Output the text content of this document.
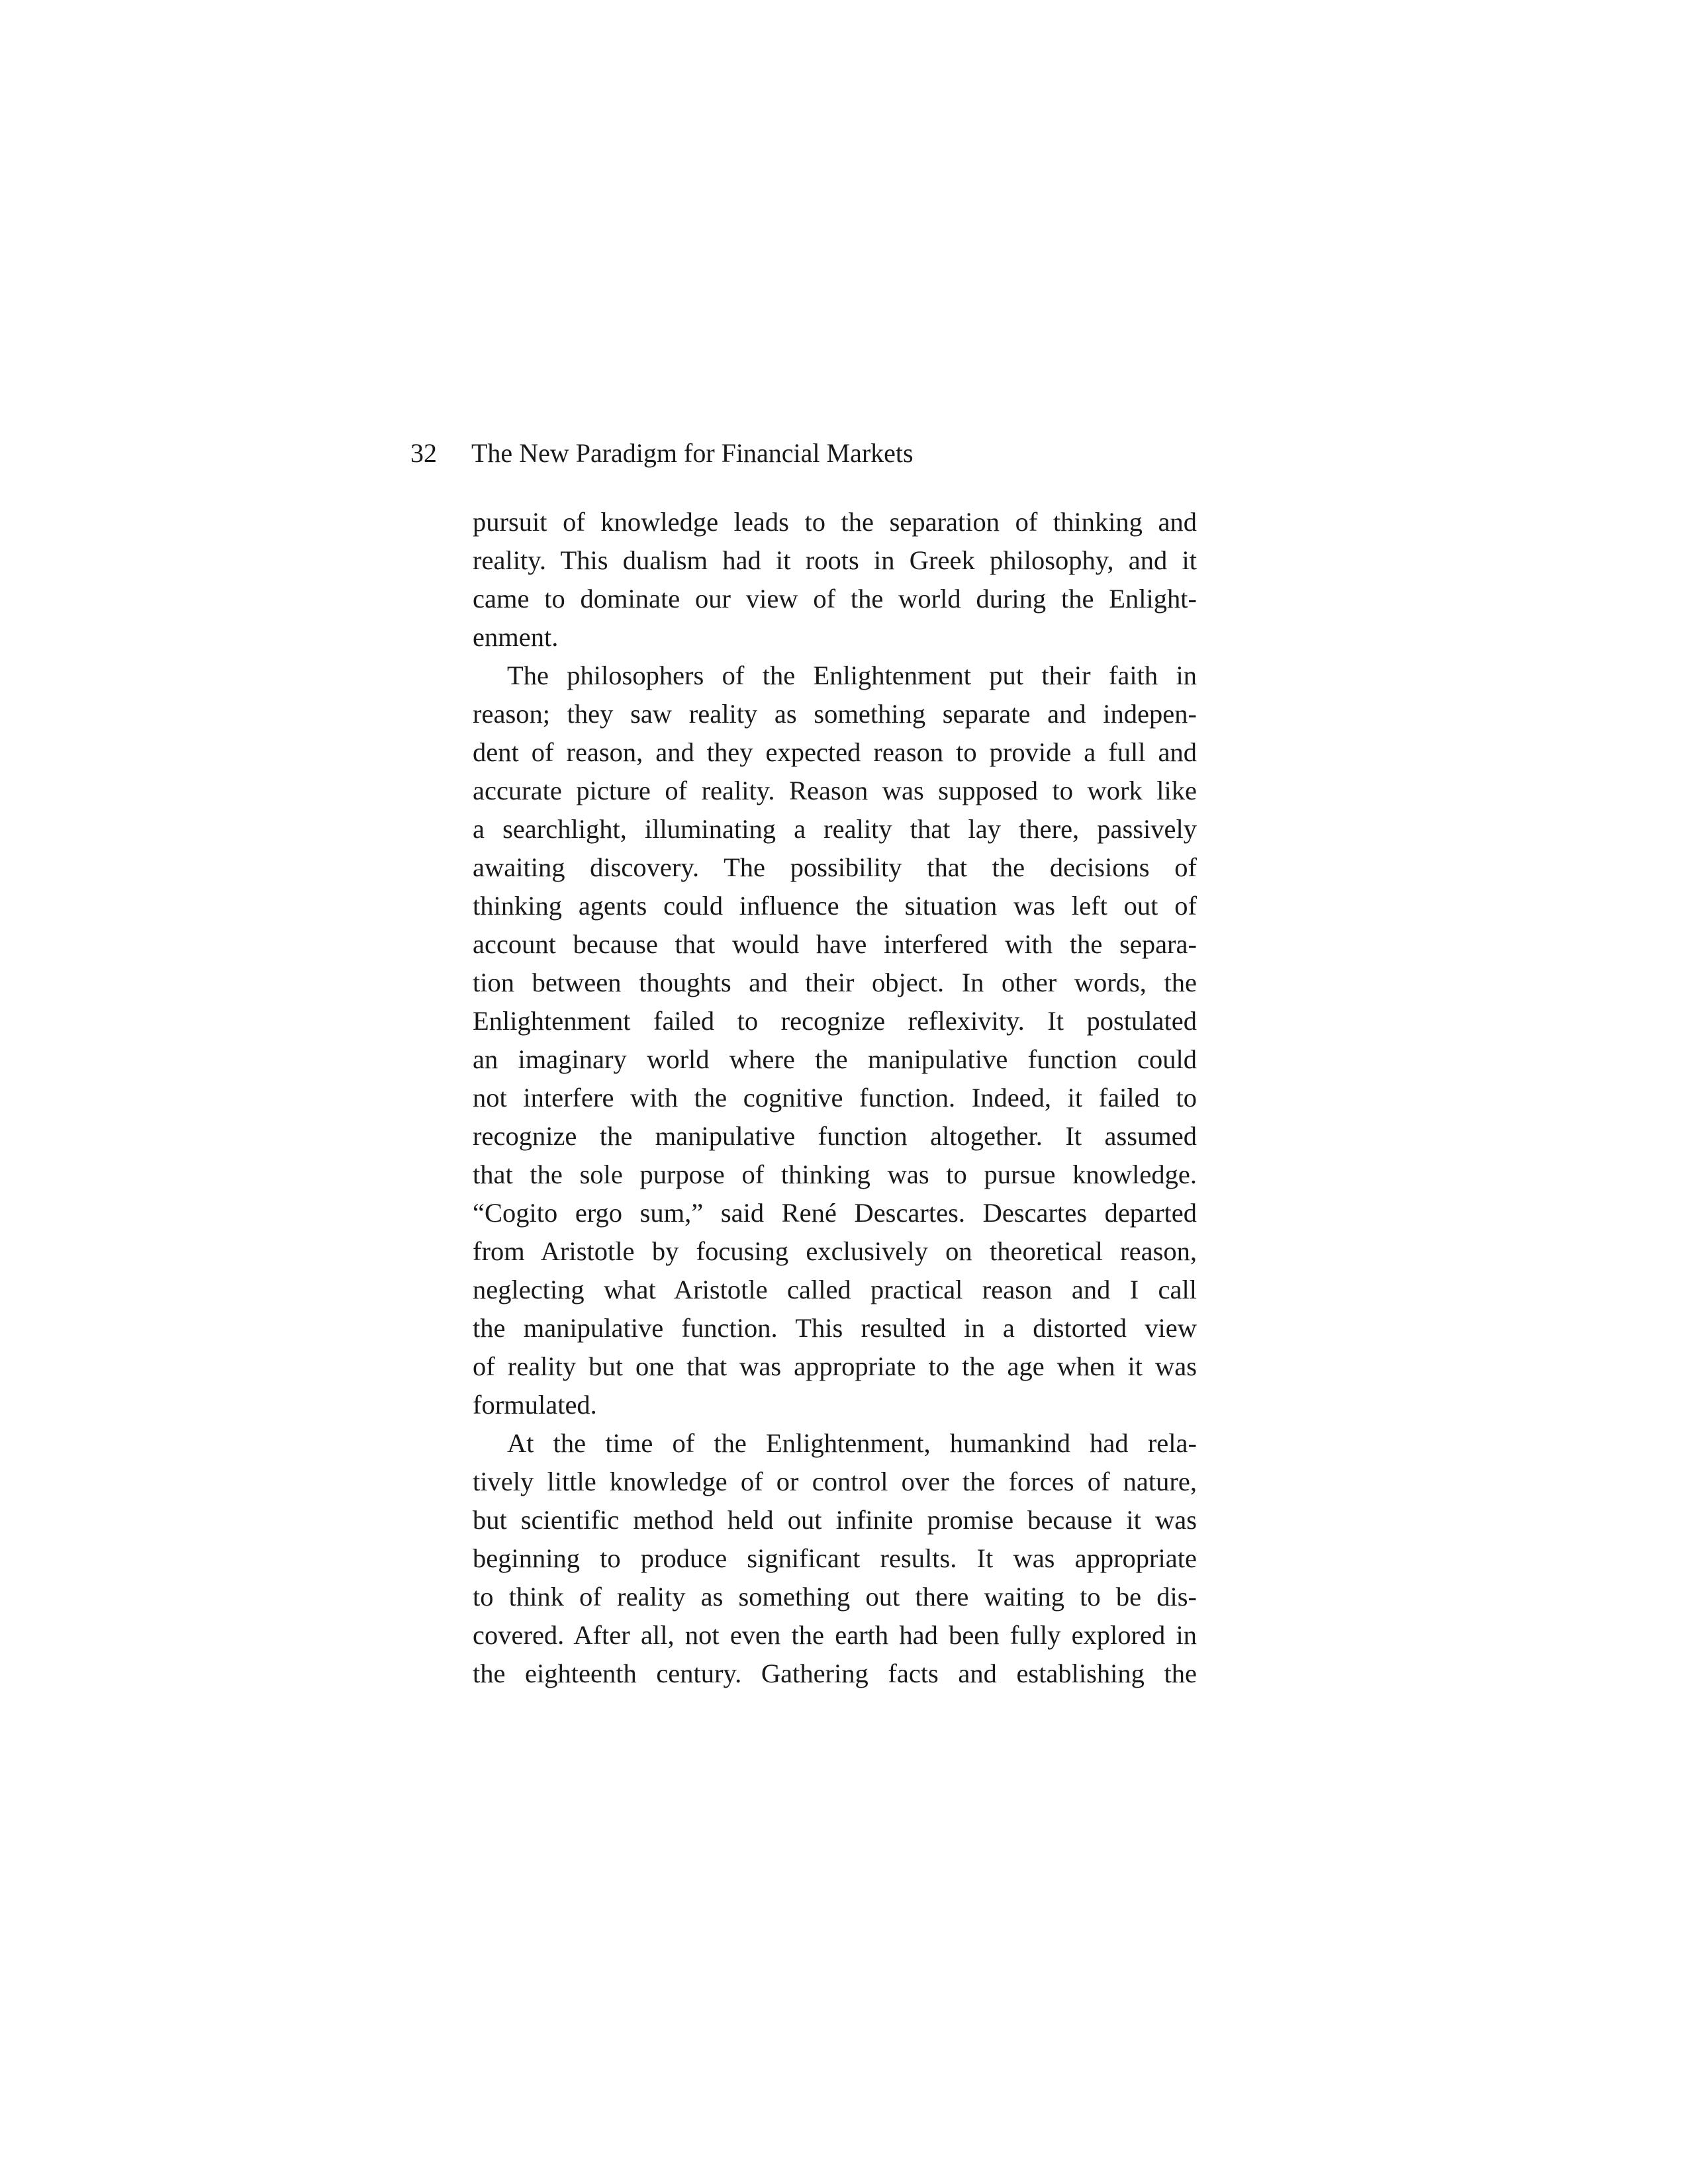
32 The New Paradigm for Financial Markets
pursuit of knowledge leads to the separation of thinking and
reality. This dualism had it roots in Greek philosophy, and it
came to dominate our view of the world during the Enlight-
enment.
The philosophers of the Enlightenment put their faith in
reason; they saw reality as something separate and indepen-
dent of reason, and they expected reason to provide a full and
accurate picture of reality. Reason was supposed to work like
a searchlight, illuminating a reality that lay there, passively
awaiting discovery. The possibility that the decisions of
thinking agents could influence the situation was left out of
account because that would have interfered with the separa-
tion between thoughts and their object. In other words, the
Enlightenment failed to recognize reflexivity. It postulated
an imaginary world where the manipulative function could
not interfere with the cognitive function. Indeed, it failed to
recognize the manipulative function altogether. It assumed
that the sole purpose of thinking was to pursue knowledge.
“Cogito ergo sum,” said René Descartes. Descartes departed
from Aristotle by focusing exclusively on theoretical reason,
neglecting what Aristotle called practical reason and I call
the manipulative function. This resulted in a distorted view
of reality but one that was appropriate to the age when it was
formulated.
At the time of the Enlightenment, humankind had rela-
tively little knowledge of or control over the forces of nature,
but scientific method held out infinite promise because it was
beginning to produce significant results. It was appropriate
to think of reality as something out there waiting to be dis-
covered. After all, not even the earth had been fully explored in
the eighteenth century. Gathering facts and establishing the
